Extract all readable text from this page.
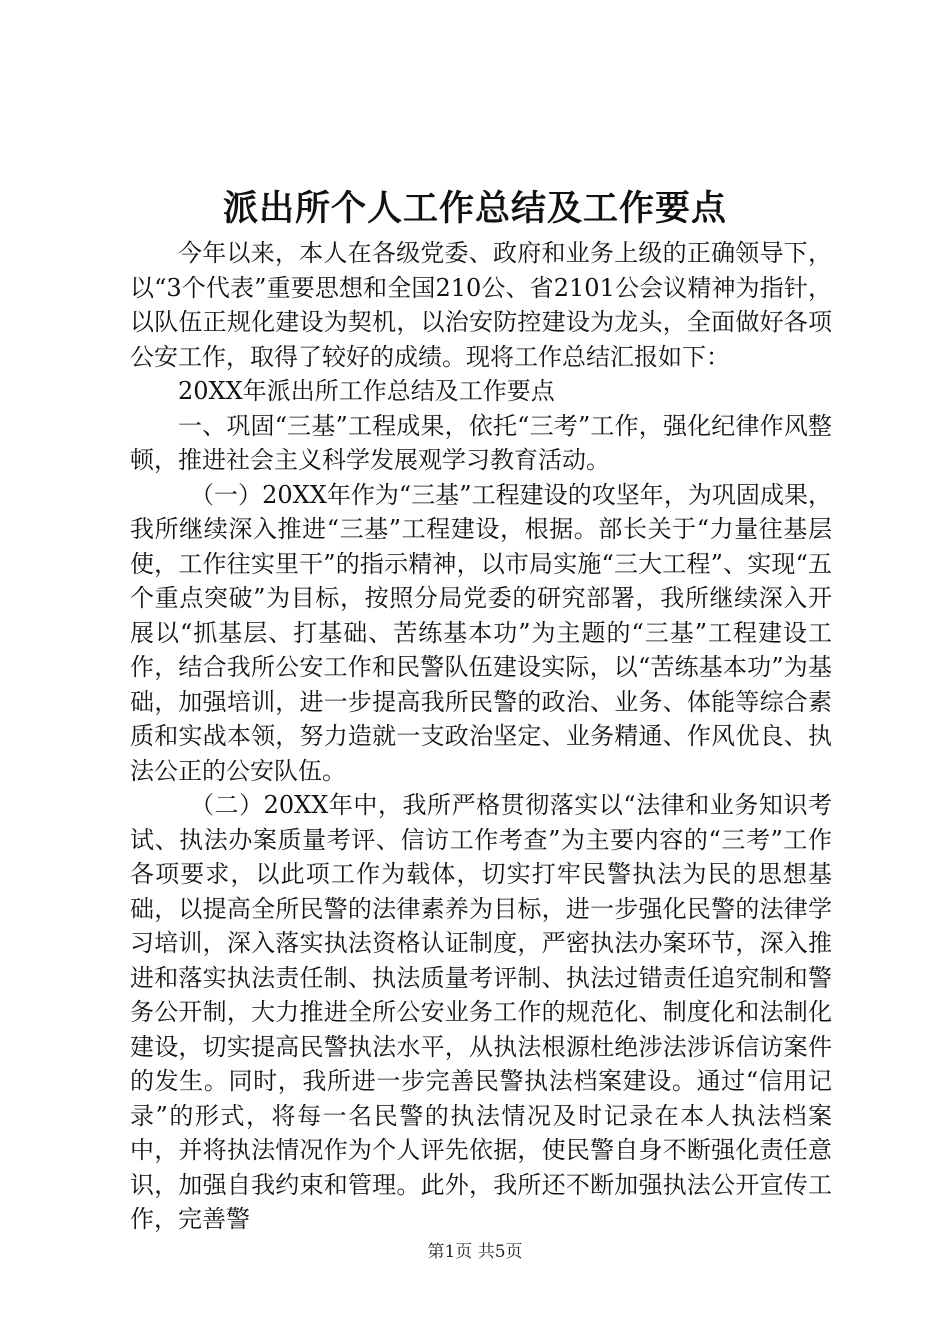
派出所个人工作总结及工作要点

今年以来，本人在各级党委、政府和业务上级的正确领导下，以“3个代表”重要思想和全国210公、省2101公会议精神为指针，以队伍正规化建设为契机，以治安防控建设为龙头，全面做好各项公安工作，取得了较好的成绩。现将工作总结汇报如下：

20XX年派出所工作总结及工作要点

一、巩固“三基”工程成果，依托“三考”工作，强化纪律作风整顿，推进社会主义科学发展观学习教育活动。

（一）20XX年作为“三基”工程建设的攻坚年，为巩固成果，我所继续深入推进“三基”工程建设，根据。部长关于“力量往基层使，工作往实里干”的指示精神，以市局实施“三大工程”、实现“五个重点突破”为目标，按照分局党委的研究部署，我所继续深入开展以“抓基层、打基础、苦练基本功”为主题的“三基”工程建设工作，结合我所公安工作和民警队伍建设实际，以“苦练基本功”为基础，加强培训，进一步提高我所民警的政治、业务、体能等综合素质和实战本领，努力造就一支政治坚定、业务精通、作风优良、执法公正的公安队伍。

（二）20XX年中，我所严格贯彻落实以“法律和业务知识考试、执法办案质量考评、信访工作考查”为主要内容的“三考”工作各项要求，以此项工作为载体，切实打牢民警执法为民的思想基础，以提高全所民警的法律素养为目标，进一步强化民警的法律学习培训，深入落实执法资格认证制度，严密执法办案环节，深入推进和落实执法责任制、执法质量考评制、执法过错责任追究制和警务公开制，大力推进全所公安业务工作的规范化、制度化和法制化建设，切实提高民警执法水平，从执法根源杜绝涉法涉诉信访案件的发生。同时，我所进一步完善民警执法档案建设。通过“信用记录”的形式，将每一名民警的执法情况及时记录在本人执法档案中，并将执法情况作为个人评先依据，使民警自身不断强化责任意识，加强自我约束和管理。此外，我所还不断加强执法公开宣传工作，完善警

第1页 共5页
